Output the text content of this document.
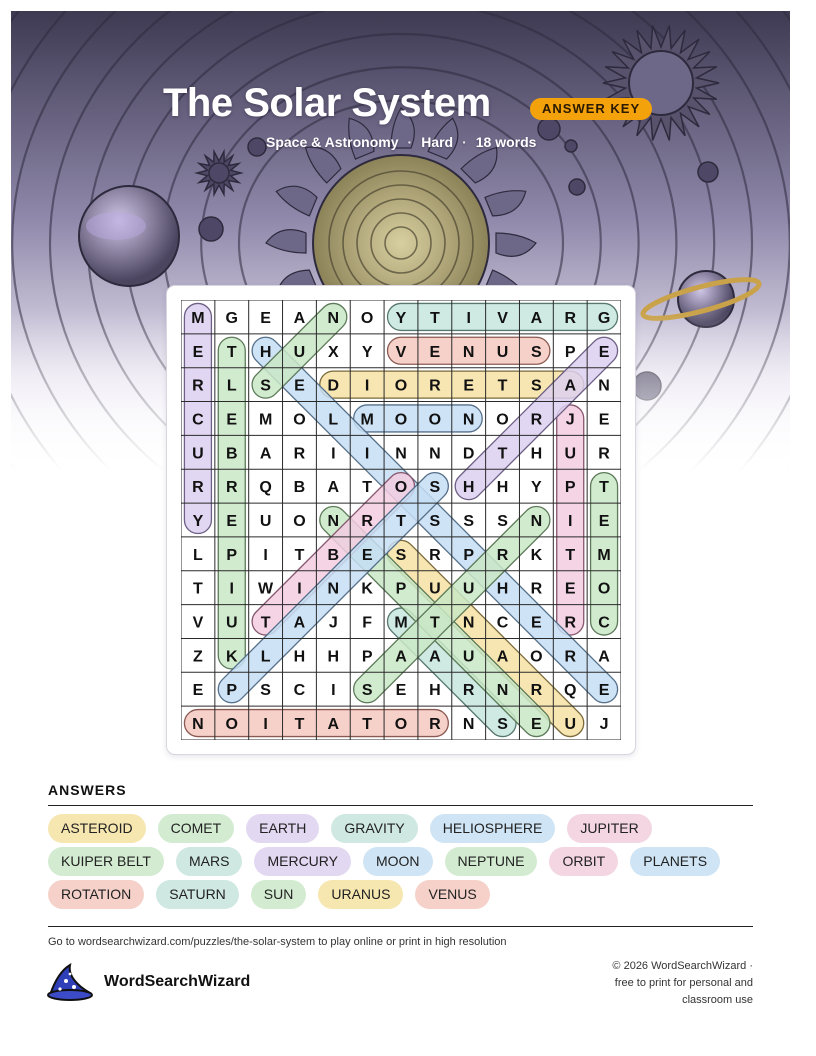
The Solar System	ANSWER KEY
Space & Astronomy · Hard · 18 words
M G E A N O Y T I V A R G
E T H U X Y V E N U S P E
R L S E D I O R E T S A N
C E M O L M O O N O R J E
U B A R I I N N D T H U R
R R Q B A T O S H H Y P T
Y E U O N R T S S S N I E
L P I T B E S R P R K T M
T I W I N K P U U H R E O
V U T A J F M T N C E R C
Z K L H H P A A U A O R A
E P S C I S E H R N R Q E
N O I T A T O R N S E U J
ANSWERS
ASTEROID	COMET	EARTH	GRAVITY	HELIOSPHERE	JUPITER
KUIPER BELT	MARS	MERCURY	MOON	NEPTUNE	ORBIT	PLANETS
ROTATION	SATURN	SUN	URANUS	VENUS
Go to wordsearchwizard.com/puzzles/the-solar-system to play online or print in high resolution
WordSearchWizard
© 2026 WordSearchWizard ·
free to print for personal and
classroom use
